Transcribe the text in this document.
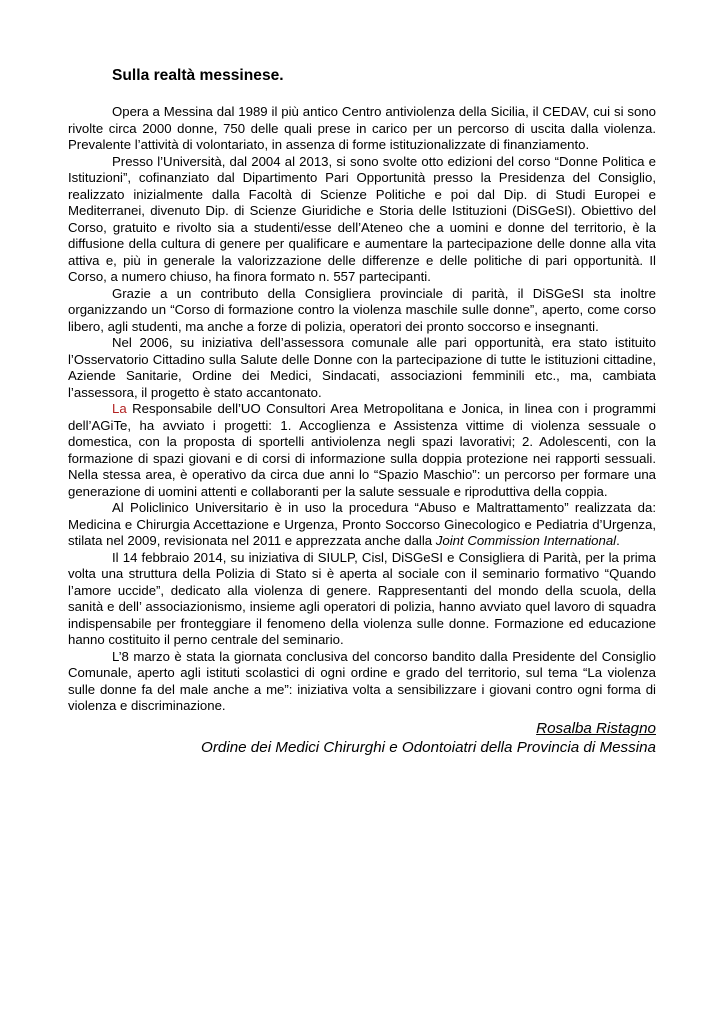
Sulla realtà messinese.

Opera a Messina dal 1989 il più antico Centro antiviolenza della Sicilia, il CEDAV, cui si sono rivolte circa 2000 donne, 750 delle quali prese in carico per un percorso di uscita dalla violenza. Prevalente l’attività di volontariato, in assenza di forme istituzionalizzate di finanziamento.

Presso l’Università, dal 2004 al 2013, si sono svolte otto edizioni del corso “Donne Politica e Istituzioni”, cofinanziato dal Dipartimento Pari Opportunità presso la Presidenza del Consiglio, realizzato inizialmente dalla Facoltà di Scienze Politiche e poi dal Dip. di Studi Europei e Mediterranei, divenuto Dip. di Scienze Giuridiche e Storia delle Istituzioni (DiSGeSI). Obiettivo del Corso, gratuito e rivolto sia a studenti/esse dell’Ateneo che a uomini e donne del territorio, è la diffusione della cultura di genere per qualificare e aumentare la partecipazione delle donne alla vita attiva e, più in generale la valorizzazione delle differenze e delle politiche di pari opportunità. Il Corso, a numero chiuso, ha finora formato n. 557 partecipanti.

Grazie a un contributo della Consigliera provinciale di parità, il DiSGeSI sta inoltre organizzando un “Corso di formazione contro la violenza maschile sulle donne”, aperto, come corso libero, agli studenti, ma anche a forze di polizia, operatori dei pronto soccorso e insegnanti.

Nel 2006, su iniziativa dell’assessora comunale alle pari opportunità, era stato istituito l’Osservatorio Cittadino sulla Salute delle Donne con la partecipazione di tutte le istituzioni cittadine, Aziende Sanitarie, Ordine dei Medici, Sindacati, associazioni femminili etc., ma, cambiata l’assessora, il progetto è stato accantonato.

La Responsabile dell’UO Consultori Area Metropolitana e Jonica, in linea con i programmi dell’AGiTe, ha avviato i progetti: 1. Accoglienza e Assistenza vittime di violenza sessuale o domestica, con la proposta di sportelli antiviolenza negli spazi lavorativi; 2. Adolescenti, con la formazione di spazi giovani e di corsi di informazione sulla doppia protezione nei rapporti sessuali. Nella stessa area, è operativo da circa due anni lo “Spazio Maschio”: un percorso per formare una generazione di uomini attenti e collaboranti per la salute sessuale e riproduttiva della coppia.

Al Policlinico Universitario è in uso la procedura “Abuso e Maltrattamento” realizzata da: Medicina e Chirurgia Accettazione e Urgenza, Pronto Soccorso Ginecologico e Pediatria d’Urgenza, stilata nel 2009, revisionata nel 2011 e apprezzata anche dalla Joint Commission International.

Il 14 febbraio 2014, su iniziativa di SIULP, Cisl, DiSGeSI e Consigliera di Parità, per la prima volta una struttura della Polizia di Stato si è aperta al sociale con il seminario formativo “Quando l’amore uccide”, dedicato alla violenza di genere. Rappresentanti del mondo della scuola, della sanità e dell’ associazionismo, insieme agli operatori di polizia, hanno avviato quel lavoro di squadra indispensabile per fronteggiare il fenomeno della violenza sulle donne. Formazione ed educazione hanno costituito il perno centrale del seminario.

L’8 marzo è stata la giornata conclusiva del concorso bandito dalla Presidente del Consiglio Comunale, aperto agli istituti scolastici di ogni ordine e grado del territorio, sul tema “La violenza sulle donne fa del male anche a me”: iniziativa volta a sensibilizzare i giovani contro ogni forma di violenza e discriminazione.

Rosalba Ristagno
Ordine dei Medici Chirurghi e Odontoiatri della Provincia di Messina
